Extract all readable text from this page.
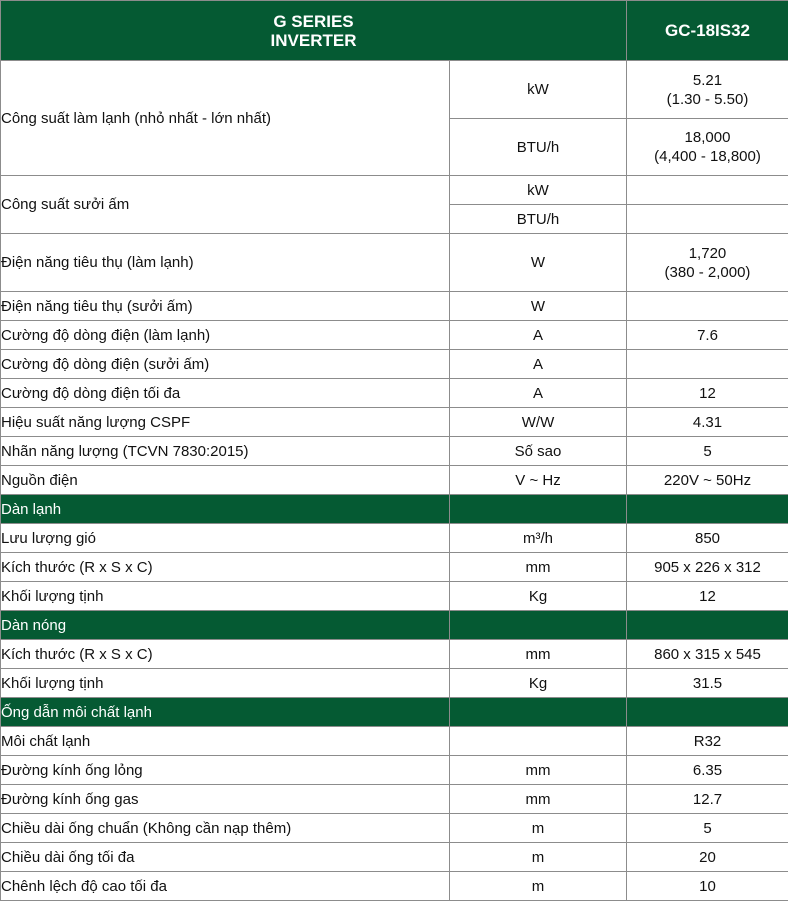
G SERIES
INVERTER		GC-18IS32
Công suất làm lạnh (nhỏ nhất - lớn nhất)	kW	5.21
(1.30 - 5.50)

	BTU/h	18,000
(4,400 - 18,800)

Công suất sưởi ấm	kW	
	BTU/h	
Điện năng tiêu thụ (làm lạnh)	W	1,720
(380 - 2,000)

Điện năng tiêu thụ (sưởi ấm)	W	
Cường độ dòng điện (làm lạnh)	A	7.6
Cường độ dòng điện (sưởi ấm)	A	
Cường độ dòng điện tối đa	A	12
Hiệu suất năng lượng CSPF	W/W	4.31
Nhãn năng lượng (TCVN 7830:2015)	Số sao	5
Nguồn điện	V ~ Hz	220V ~ 50Hz
Dàn lạnh		
Lưu lượng gió	m³/h	850
Kích thước (R x S x C)	mm	905 x 226 x 312
Khối lượng tịnh	Kg	12
Dàn nóng		
Kích thước (R x S x C)	mm	860 x 315 x 545
Khối lượng tịnh	Kg	31.5
Ống dẫn môi chất lạnh		
Môi chất lạnh		R32
Đường kính ống lỏng	mm	6.35
Đường kính ống gas	mm	12.7
Chiều dài ống chuẩn (Không cần nạp thêm)	m	5
Chiều dài ống tối đa	m	20
Chênh lệch độ cao tối đa	m	10
